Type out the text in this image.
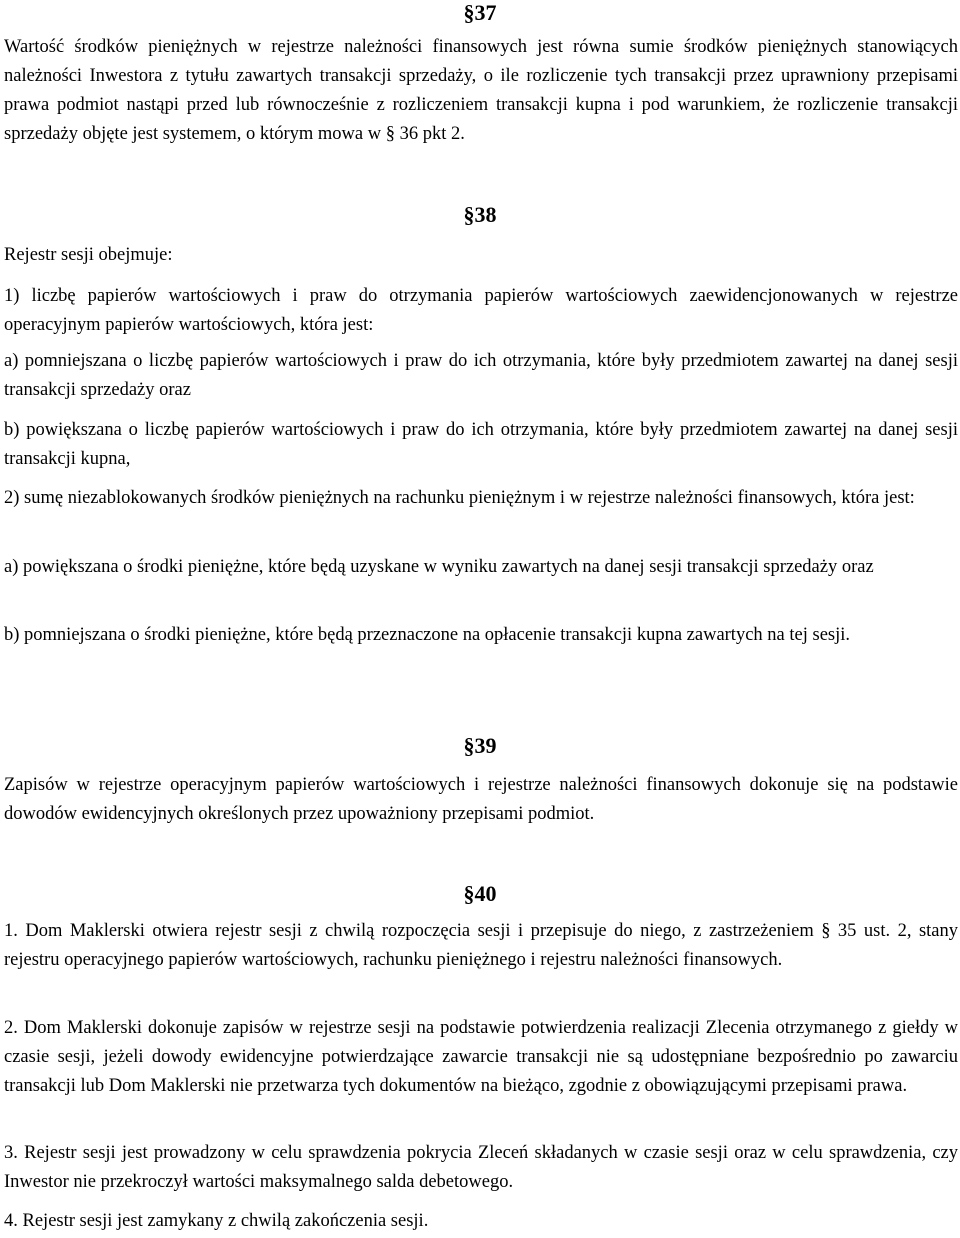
§37

Wartość środków pieniężnych w rejestrze należności finansowych jest równa sumie środków pieniężnych stanowiących należności Inwestora z tytułu zawartych transakcji sprzedaży, o ile rozliczenie tych transakcji przez uprawniony przepisami prawa podmiot nastąpi przed lub równocześnie z rozliczeniem transakcji kupna i pod warunkiem, że rozliczenie transakcji sprzedaży objęte jest systemem, o którym mowa w § 36 pkt 2.

§38

Rejestr sesji obejmuje:

1) liczbę papierów wartościowych i praw do otrzymania papierów wartościowych zaewidencjonowanych w rejestrze operacyjnym papierów wartościowych, która jest:

a) pomniejszana o liczbę papierów wartościowych i praw do ich otrzymania, które były przedmiotem zawartej na danej sesji transakcji sprzedaży oraz

b) powiększana o liczbę papierów wartościowych i praw do ich otrzymania, które były przedmiotem zawartej na danej sesji transakcji kupna,

2) sumę niezablokowanych środków pieniężnych na rachunku pieniężnym i w rejestrze należności finansowych, która jest:

a) powiększana o środki pieniężne, które będą uzyskane w wyniku zawartych na danej sesji transakcji sprzedaży oraz

b) pomniejszana o środki pieniężne, które będą przeznaczone na opłacenie transakcji kupna zawartych na tej sesji.

§39

Zapisów w rejestrze operacyjnym papierów wartościowych i rejestrze należności finansowych dokonuje się na podstawie dowodów ewidencyjnych określonych przez upoważniony przepisami podmiot.

§40

1. Dom Maklerski otwiera rejestr sesji z chwilą rozpoczęcia sesji i przepisuje do niego, z zastrzeżeniem § 35 ust. 2, stany rejestru operacyjnego papierów wartościowych, rachunku pieniężnego i rejestru należności finansowych.

2. Dom Maklerski dokonuje zapisów w rejestrze sesji na podstawie potwierdzenia realizacji Zlecenia otrzymanego z giełdy w czasie sesji, jeżeli dowody ewidencyjne potwierdzające zawarcie transakcji nie są udostępniane bezpośrednio po zawarciu transakcji lub Dom Maklerski nie przetwarza tych dokumentów na bieżąco, zgodnie z obowiązującymi przepisami prawa.

3. Rejestr sesji jest prowadzony w celu sprawdzenia pokrycia Zleceń składanych w czasie sesji oraz w celu sprawdzenia, czy Inwestor nie przekroczył wartości maksymalnego salda debetowego.

4. Rejestr sesji jest zamykany z chwilą zakończenia sesji.
